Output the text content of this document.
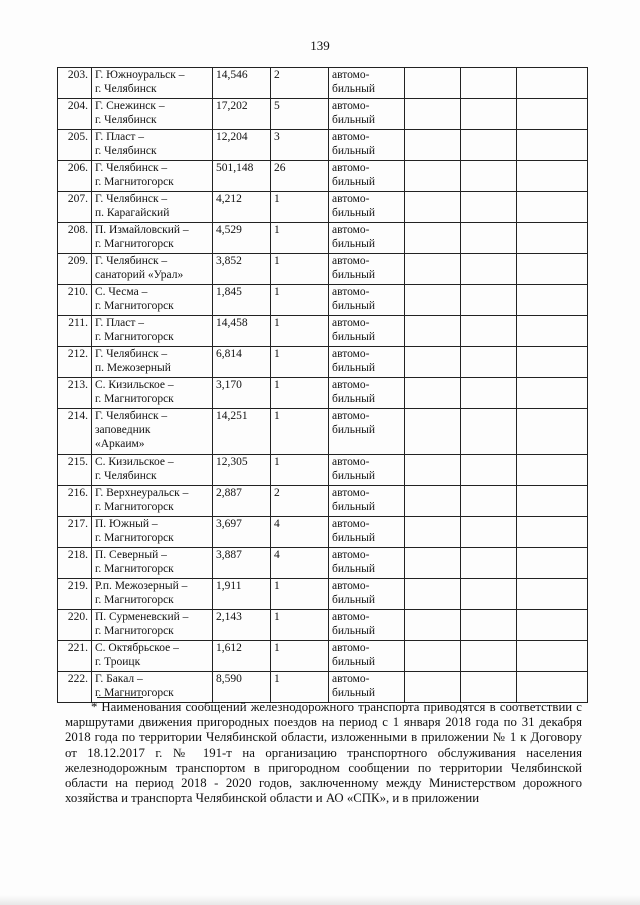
139
203.	Г. Южноуральск –
г. Челябинск	14,546	2	автомо-
бильный			

204.	Г. Снежинск –
г. Челябинск	17,202	5	автомо-
бильный			

205.	Г. Пласт –
г. Челябинск	12,204	3	автомо-
бильный			

206.	Г. Челябинск –
г. Магнитогорск	501,148	26	автомо-
бильный			

207.	Г. Челябинск –
п. Карагайский	4,212	1	автомо-
бильный			

208.	П. Измайловский –
г. Магнитогорск	4,529	1	автомо-
бильный			

209.	Г. Челябинск –
санаторий «Урал»	3,852	1	автомо-
бильный			

210.	С. Чесма –
г. Магнитогорск	1,845	1	автомо-
бильный			

211.	Г. Пласт –
г. Магнитогорск	14,458	1	автомо-
бильный			

212.	Г. Челябинск –
п. Межозерный	6,814	1	автомо-
бильный			

213.	С. Кизильское –
г. Магнитогорск	3,170	1	автомо-
бильный			

214.	Г. Челябинск –
заповедник
«Аркаим»	14,251	1	автомо-
бильный			

215.	С. Кизильское –
г. Челябинск	12,305	1	автомо-
бильный			

216.	Г. Верхнеуральск –
г. Магнитогорск	2,887	2	автомо-
бильный			

217.	П. Южный –
г. Магнитогорск	3,697	4	автомо-
бильный			

218.	П. Северный –
г. Магнитогорск	3,887	4	автомо-
бильный			

219.	Р.п. Межозерный –
г. Магнитогорск	1,911	1	автомо-
бильный			

220.	П. Сурменевский –
г. Магнитогорск	2,143	1	автомо-
бильный			

221.	С. Октябрьское –
г. Троицк	1,612	1	автомо-
бильный			

222.	Г. Бакал –
г. Магнитогорск	8,590	1	автомо-
бильный			

* Наименования сообщений железнодорожного транспорта приводятся в соответствии с маршрутами движения пригородных поездов на период с 1 января 2018 года по 31 декабря 2018 года по территории Челябинской области, изложенными в приложении № 1 к Договору от 18.12.2017 г. № 191-т на организацию транспортного обслуживания населения железнодорожным транспортом в пригородном сообщении по территории Челябинской области на период 2018 - 2020 годов, заключенному между Министерством дорожного хозяйства и транспорта Челябинской области и АО «СПК», и в приложении
